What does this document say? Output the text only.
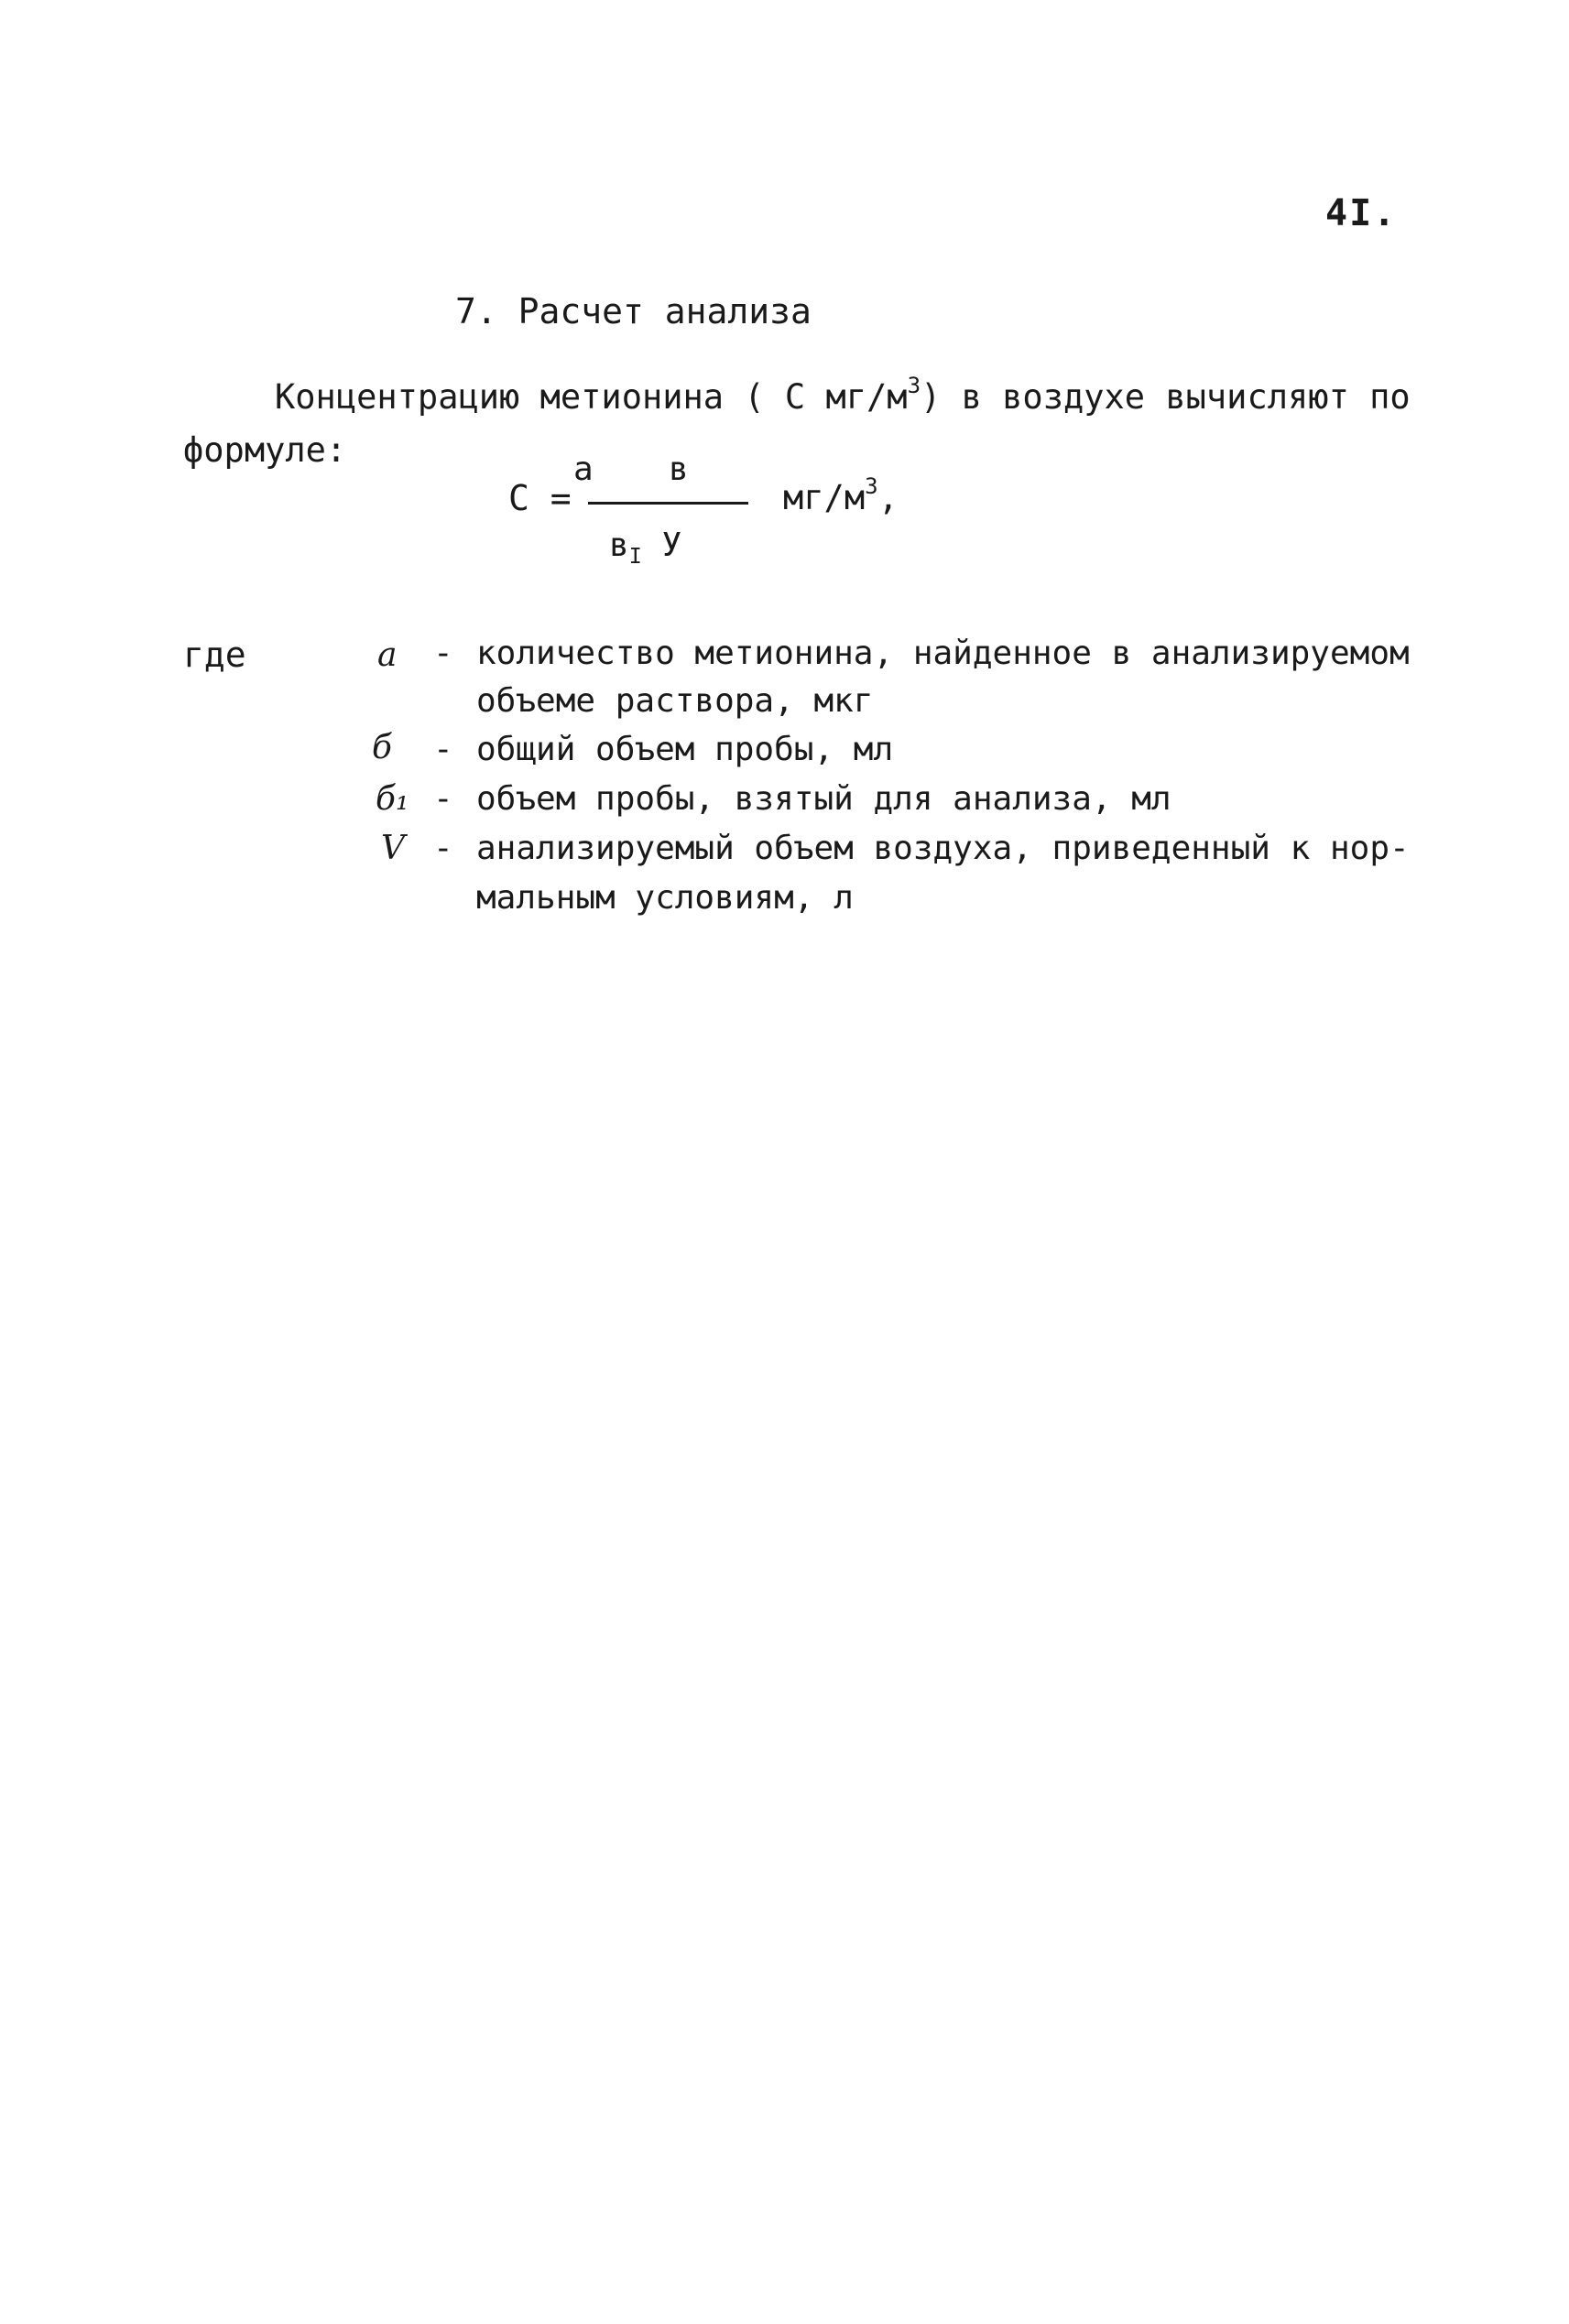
4I.
7. Расчет анализа
Концентрацию метионина ( С $мг/м^3$) в воздухе вычисляют по
формуле:
С =
а в
$в_I$ У
$мг/м^3$,
где	a - количество метионина, найденное в анализируемом
объеме раствора, мкг
б - общий объем пробы, мл
б₁ - объем пробы, взятый для анализа, мл
V - анализируемый объем воздуха, приведенный к нор-
мальным условиям, л
